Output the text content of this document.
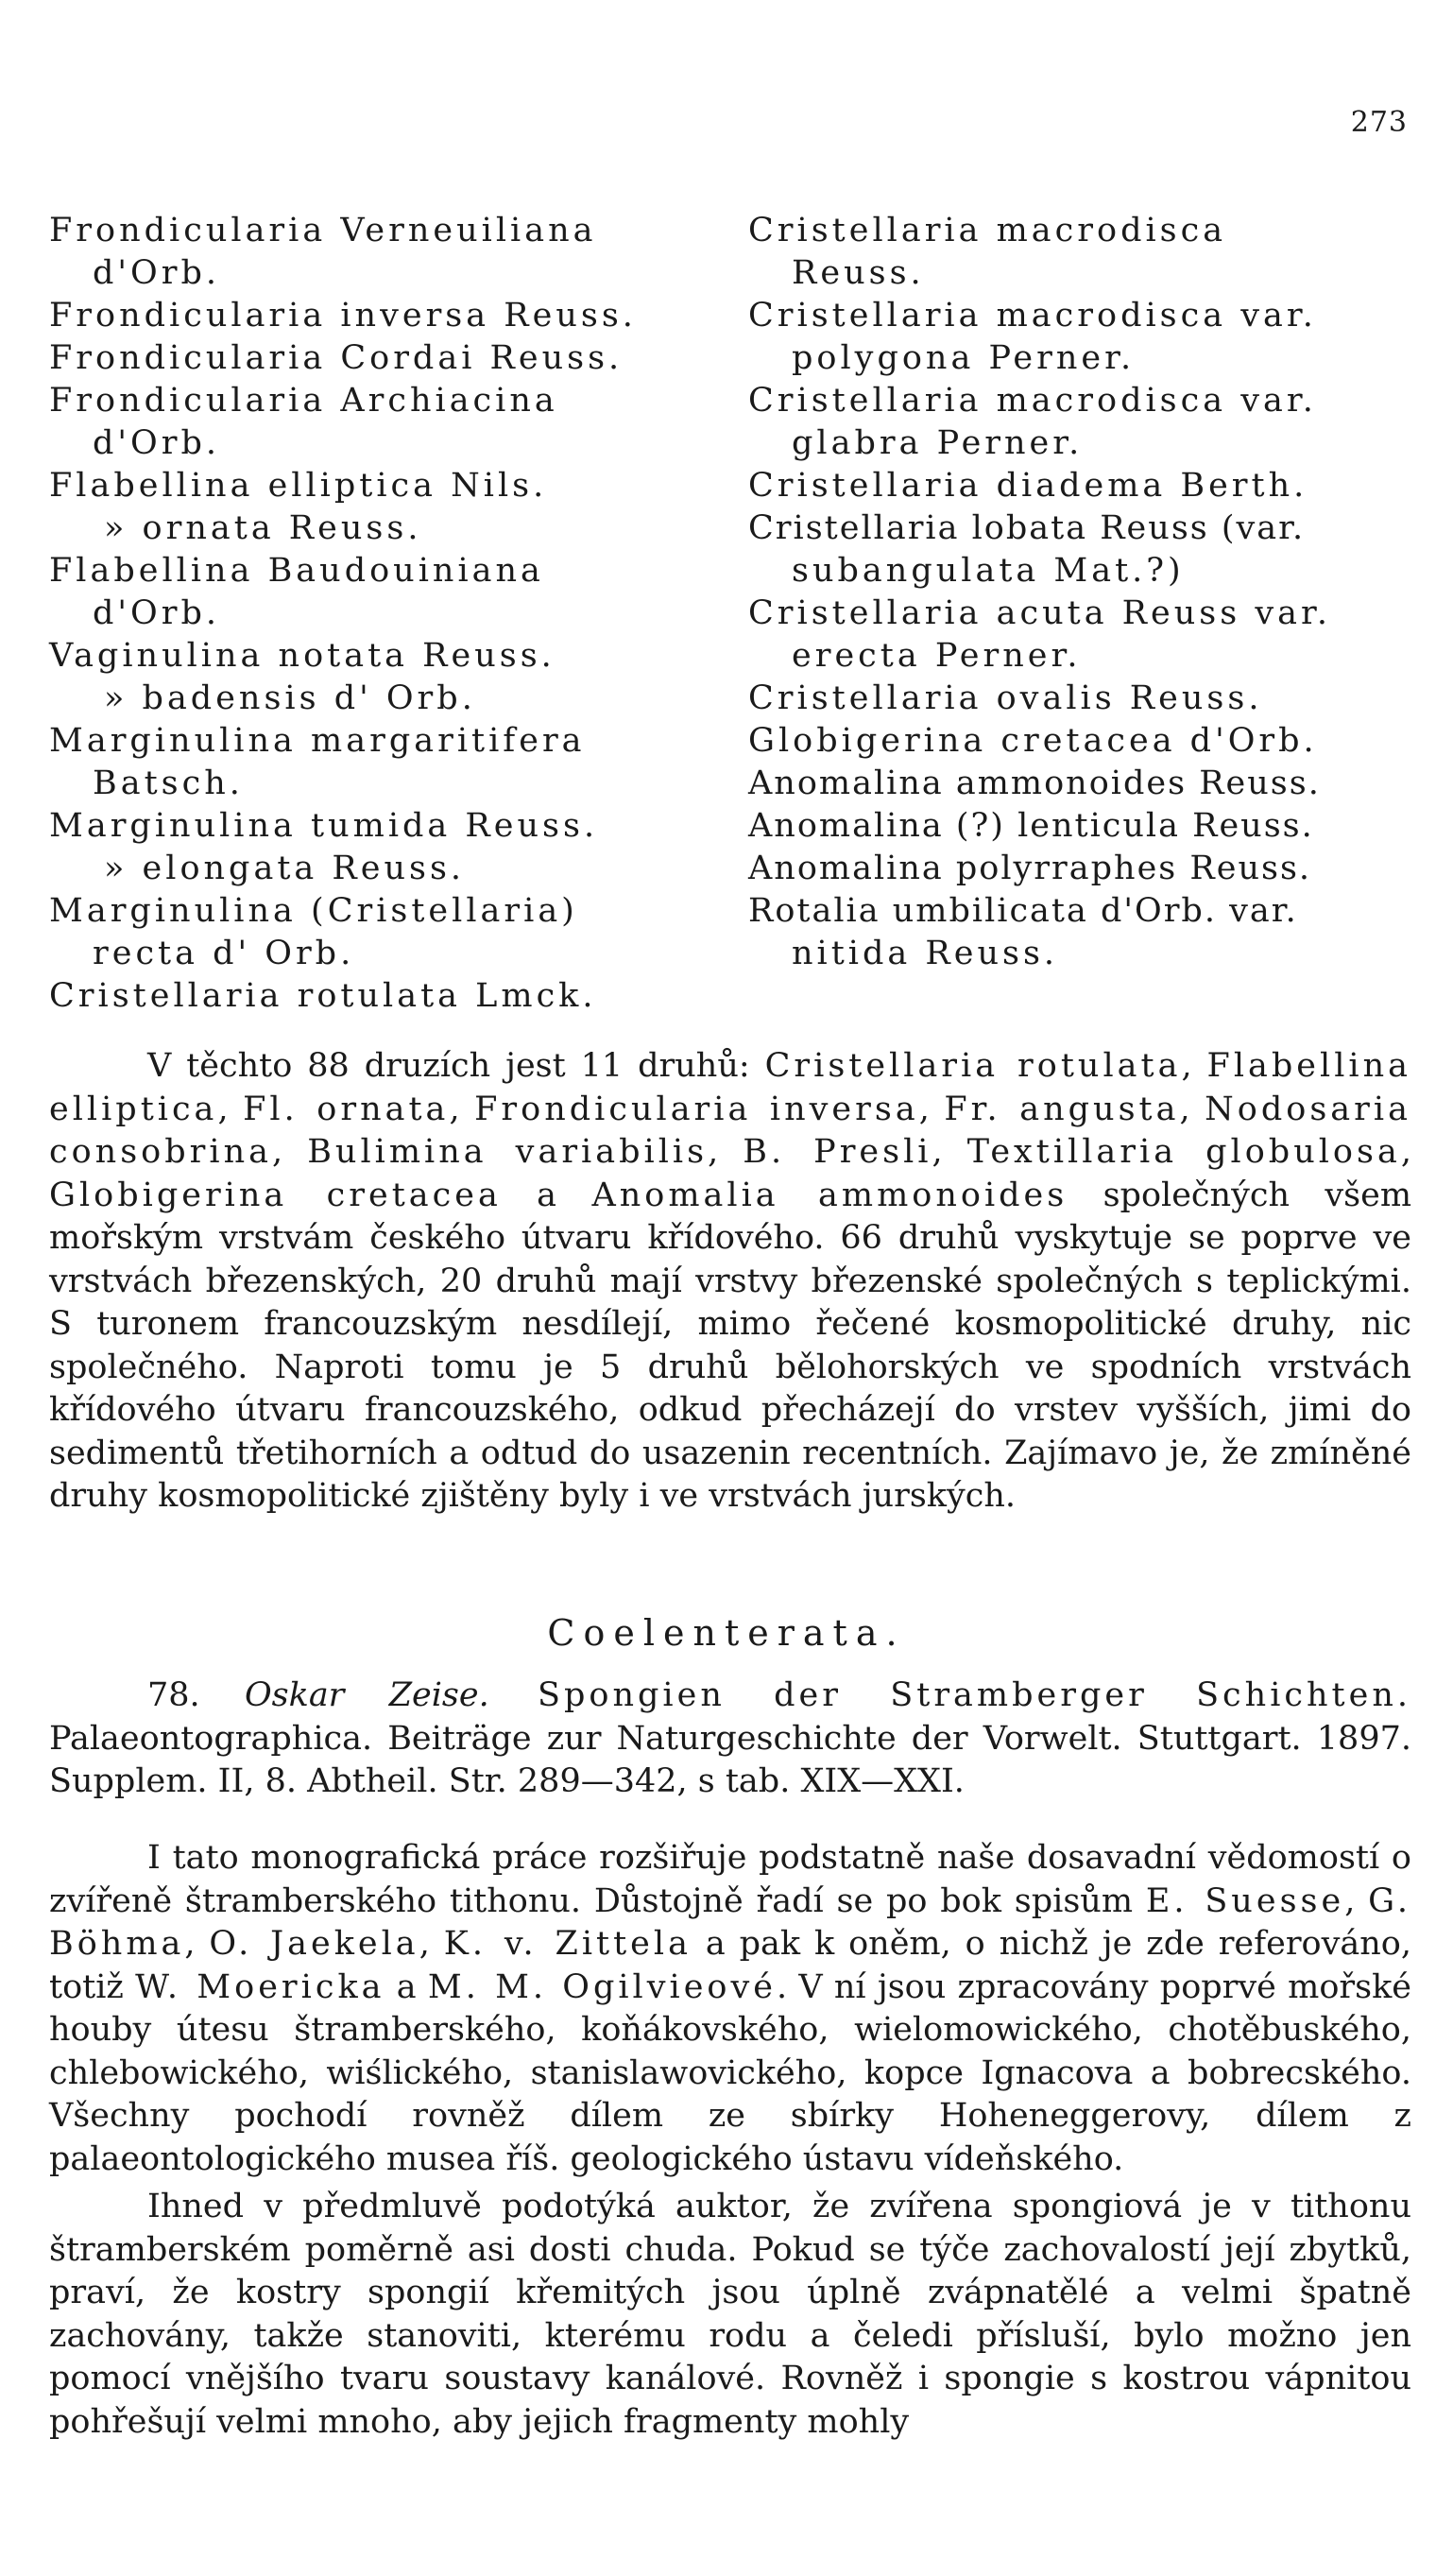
273
Frondicularia Verneuiliana
d'Orb.
Frondicularia inversa Reuss.
Frondicularia Cordai Reuss.
Frondicularia Archiacina
d'Orb.
Flabellina elliptica Nils.
» ornata Reuss.
Flabellina Baudouiniana
d'Orb.
Vaginulina notata Reuss.
» badensis d' Orb.
Marginulina margaritifera
Batsch.
Marginulina tumida Reuss.
» elongata Reuss.
Marginulina (Cristellaria)
recta d' Orb.
Cristellaria rotulata Lmck.
Cristellaria macrodisca
Reuss.
Cristellaria macrodisca var.
polygona Perner.
Cristellaria macrodisca var.
glabra Perner.
Cristellaria diadema Berth.
Cristellaria lobata Reuss (var.
subangulata Mat.?)
Cristellaria acuta Reuss var.
erecta Perner.
Cristellaria ovalis Reuss.
Globigerina cretacea d'Orb.
Anomalina ammonoides Reuss.
Anomalina (?) lenticula Reuss.
Anomalina polyrraphes Reuss.
Rotalia umbilicata d'Orb. var.
nitida Reuss.

V těchto 88 druzích jest 11 druhů: Cristellaria rotulata, Flabellina elliptica, Fl. ornata, Frondicularia inversa, Fr. angusta, Nodosaria consobrina, Bulimina variabilis, B. Presli, Textillaria globulosa, Globigerina cretacea a Anomalia ammonoides společných všem mořským vrstvám českého útvaru křídového. 66 druhů vyskytuje se poprve ve vrstvách březenských, 20 druhů mají vrstvy březenské společných s teplickými. S turonem francouzským nesdílejí, mimo řečené kosmopolitické druhy, nic společného. Naproti tomu je 5 druhů bělohorských ve spodních vrstvách křídového útvaru francouzského, odkud přecházejí do vrstev vyšších, jimi do sedimentů třetihorních a odtud do usazenin recentních. Zajímavo je, že zmíněné druhy kosmopolitické zjištěny byly i ve vrstvách jurských.

Coelenterata.

78. Oskar Zeise. Spongien der Stramberger Schichten. Palaeontographica. Beiträge zur Naturgeschichte der Vorwelt. Stuttgart. 1897. Supplem. II, 8. Abtheil. Str. 289—342, s tab. XIX—XXI.

I tato monografická práce rozšiřuje podstatně naše dosavadní vědomostí o zvířeně štramberského tithonu. Důstojně řadí se po bok spisům E. Suesse, G. Böhma, O. Jaekela, K. v. Zittela a pak k oněm, o nichž je zde referováno, totiž W. Moericka a M. M. Ogilvieové. V ní jsou zpracovány poprvé mořské houby útesu štramberského, koňákovského, wielomowického, chotěbuského, chlebowického, wiślického, stanislawovického, kopce Ignacova a bobrecského. Všechny pochodí rovněž dílem ze sbírky Hoheneggerovy, dílem z palaeontologického musea říš. geologického ústavu vídeňského.

Ihned v předmluvě podotýká auktor, že zvířena spongiová je v tithonu štramberském poměrně asi dosti chuda. Pokud se týče zachovalostí její zbytků, praví, že kostry spongií křemitých jsou úplně zvápnatělé a velmi špatně zachovány, takže stanoviti, kterému rodu a čeledi přísluší, bylo možno jen pomocí vnějšího tvaru soustavy kanálové. Rovněž i spongie s kostrou vápnitou pohřešují velmi mnoho, aby jejich fragmenty mohly
